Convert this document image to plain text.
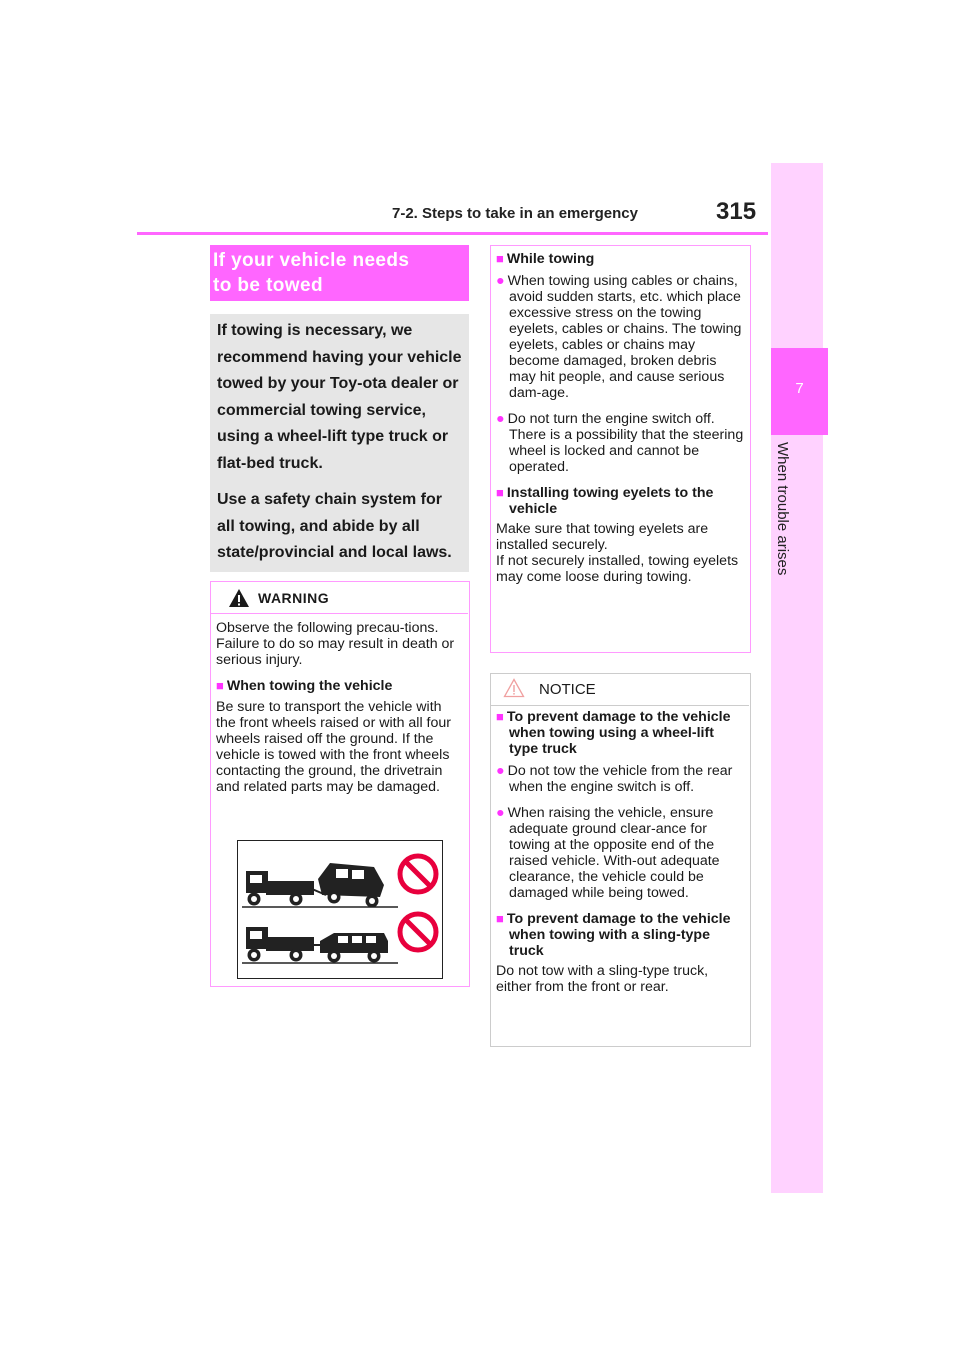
7-2. Steps to take in an emergency	315
7
When trouble arises
If your vehicle needs
to be towed

If towing is necessary, we recommend having your vehicle towed by your Toy-ota dealer or commercial towing service, using a wheel-lift type truck or flat-bed truck.

Use a safety chain system for all towing, and abide by all state/provincial and local laws.

WARNING

Observe the following precau-tions.

Failure to do so may result in death or serious injury.

■ When towing the vehicle

Be sure to transport the vehicle with the front wheels raised or with all four wheels raised off the ground. If the vehicle is towed with the front wheels contacting the ground, the drivetrain and related parts may be damaged.

■ While towing

● When towing using cables or chains, avoid sudden starts, etc. which place excessive stress on the towing eyelets, cables or chains. The towing eyelets, cables or chains may become damaged, broken debris may hit people, and cause serious dam-age.

● Do not turn the engine switch off.

There is a possibility that the steering wheel is locked and cannot be operated.

■ Installing towing eyelets to the vehicle

Make sure that towing eyelets are installed securely.

If not securely installed, towing eyelets may come loose during towing.

NOTICE

■ To prevent damage to the vehicle when towing using a wheel-lift type truck

● Do not tow the vehicle from the rear when the engine switch is off.

● When raising the vehicle, ensure adequate ground clear-ance for towing at the opposite end of the raised vehicle. With-out adequate clearance, the vehicle could be damaged while being towed.

■ To prevent damage to the vehicle when towing with a sling-type truck

Do not tow with a sling-type truck, either from the front or rear.
